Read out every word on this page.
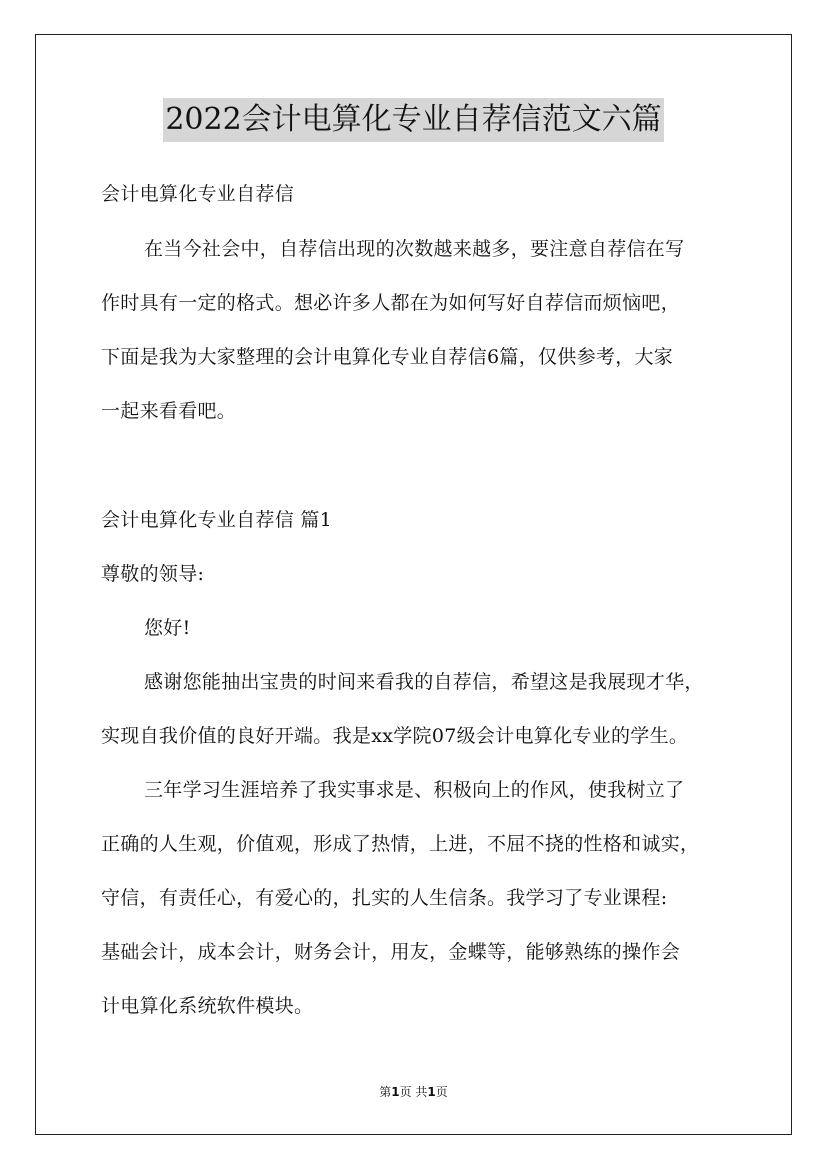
2022会计电算化专业自荐信范文六篇
会计电算化专业自荐信
在当今社会中，自荐信出现的次数越来越多，要注意自荐信在写
作时具有一定的格式。想必许多人都在为如何写好自荐信而烦恼吧，
下面是我为大家整理的会计电算化专业自荐信6篇，仅供参考，大家
一起来看看吧。
会计电算化专业自荐信 篇1
尊敬的领导:
您好!
感谢您能抽出宝贵的时间来看我的自荐信，希望这是我展现才华，
实现自我价值的良好开端。我是xx学院07级会计电算化专业的学生。
三年学习生涯培养了我实事求是、积极向上的作风，使我树立了
正确的人生观，价值观，形成了热情，上进，不屈不挠的性格和诚实，
守信，有责任心，有爱心的，扎实的人生信条。我学习了专业课程:
基础会计，成本会计，财务会计，用友，金蝶等，能够熟练的操作会
计电算化系统软件模块。
第1页 共1页
